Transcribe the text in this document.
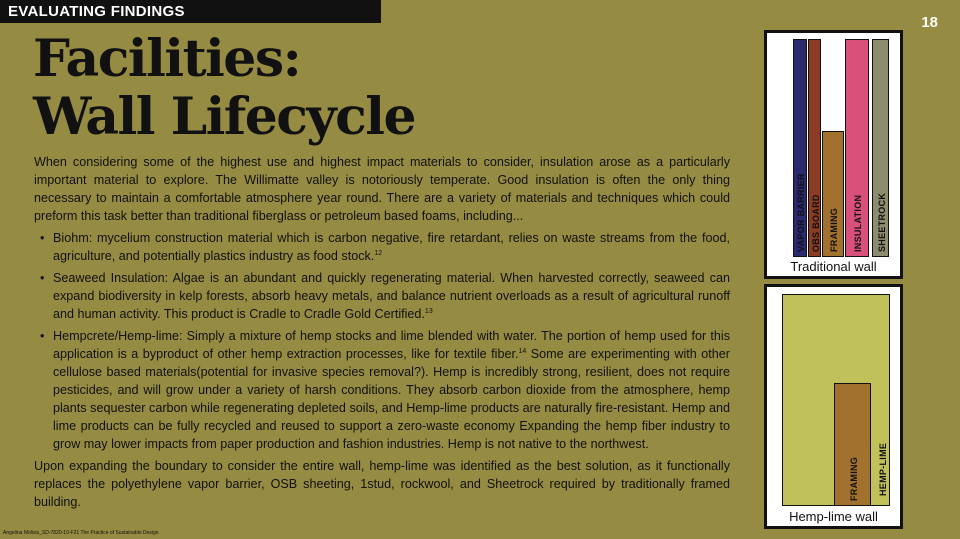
EVALUATING FINDINGS
18
Facilities:
Wall Lifecycle

When considering some of the highest use and highest impact materials to consider, insulation arose as a particularly important material to explore. The Willimatte valley is notoriously temperate. Good insulation is often the only thing necessary to maintain a comfortable atmosphere year round. There are a variety of materials and techniques which could preform this task better than traditional fiberglass or petroleum based foams, including...

• Biohm: mycelium construction material which is carbon negative, fire retardant, relies on waste streams from the food, agriculture, and potentially plastics industry as food stock.$^{12}$
• Seaweed Insulation: Algae is an abundant and quickly regenerating material. When harvested correctly, seaweed can expand biodiversity in kelp forests, absorb heavy metals, and balance nutrient overloads as a result of agricultural runoff and human activity. This product is Cradle to Cradle Gold Certified.$^{13}$
• Hempcrete/Hemp-lime: Simply a mixture of hemp stocks and lime blended with water. The portion of hemp used for this application is a byproduct of other hemp extraction processes, like for textile fiber.$^{14}$ Some are experimenting with other cellulose based materials(potential for invasive species removal?). Hemp is incredibly strong, resilient, does not require pesticides, and will grow under a variety of harsh conditions. They absorb carbon dioxide from the atmosphere, hemp plants sequester carbon while regenerating depleted soils, and Hemp-lime products are naturally fire-resistant. Hemp and lime products can be fully recycled and reused to support a zero-waste economy Expanding the hemp fiber industry to grow may lower impacts from paper production and fashion industries. Hemp is not native to the northwest.

Upon expanding the boundary to consider the entire wall, hemp-lime was identified as the best solution, as it functionally replaces the polyethylene vapor barrier, OSB sheeting, 1stud, rockwool, and Sheetrock required by traditionally framed building.

Angelina Molisis_SD-7820-10-F21 The Practice of Sustainable Design
VAPOR BARRIER OBS BOARD FRAMING INSULATION SHEETROCK
Traditional wall
FRAMING HEMP-LIME
Hemp-lime wall
